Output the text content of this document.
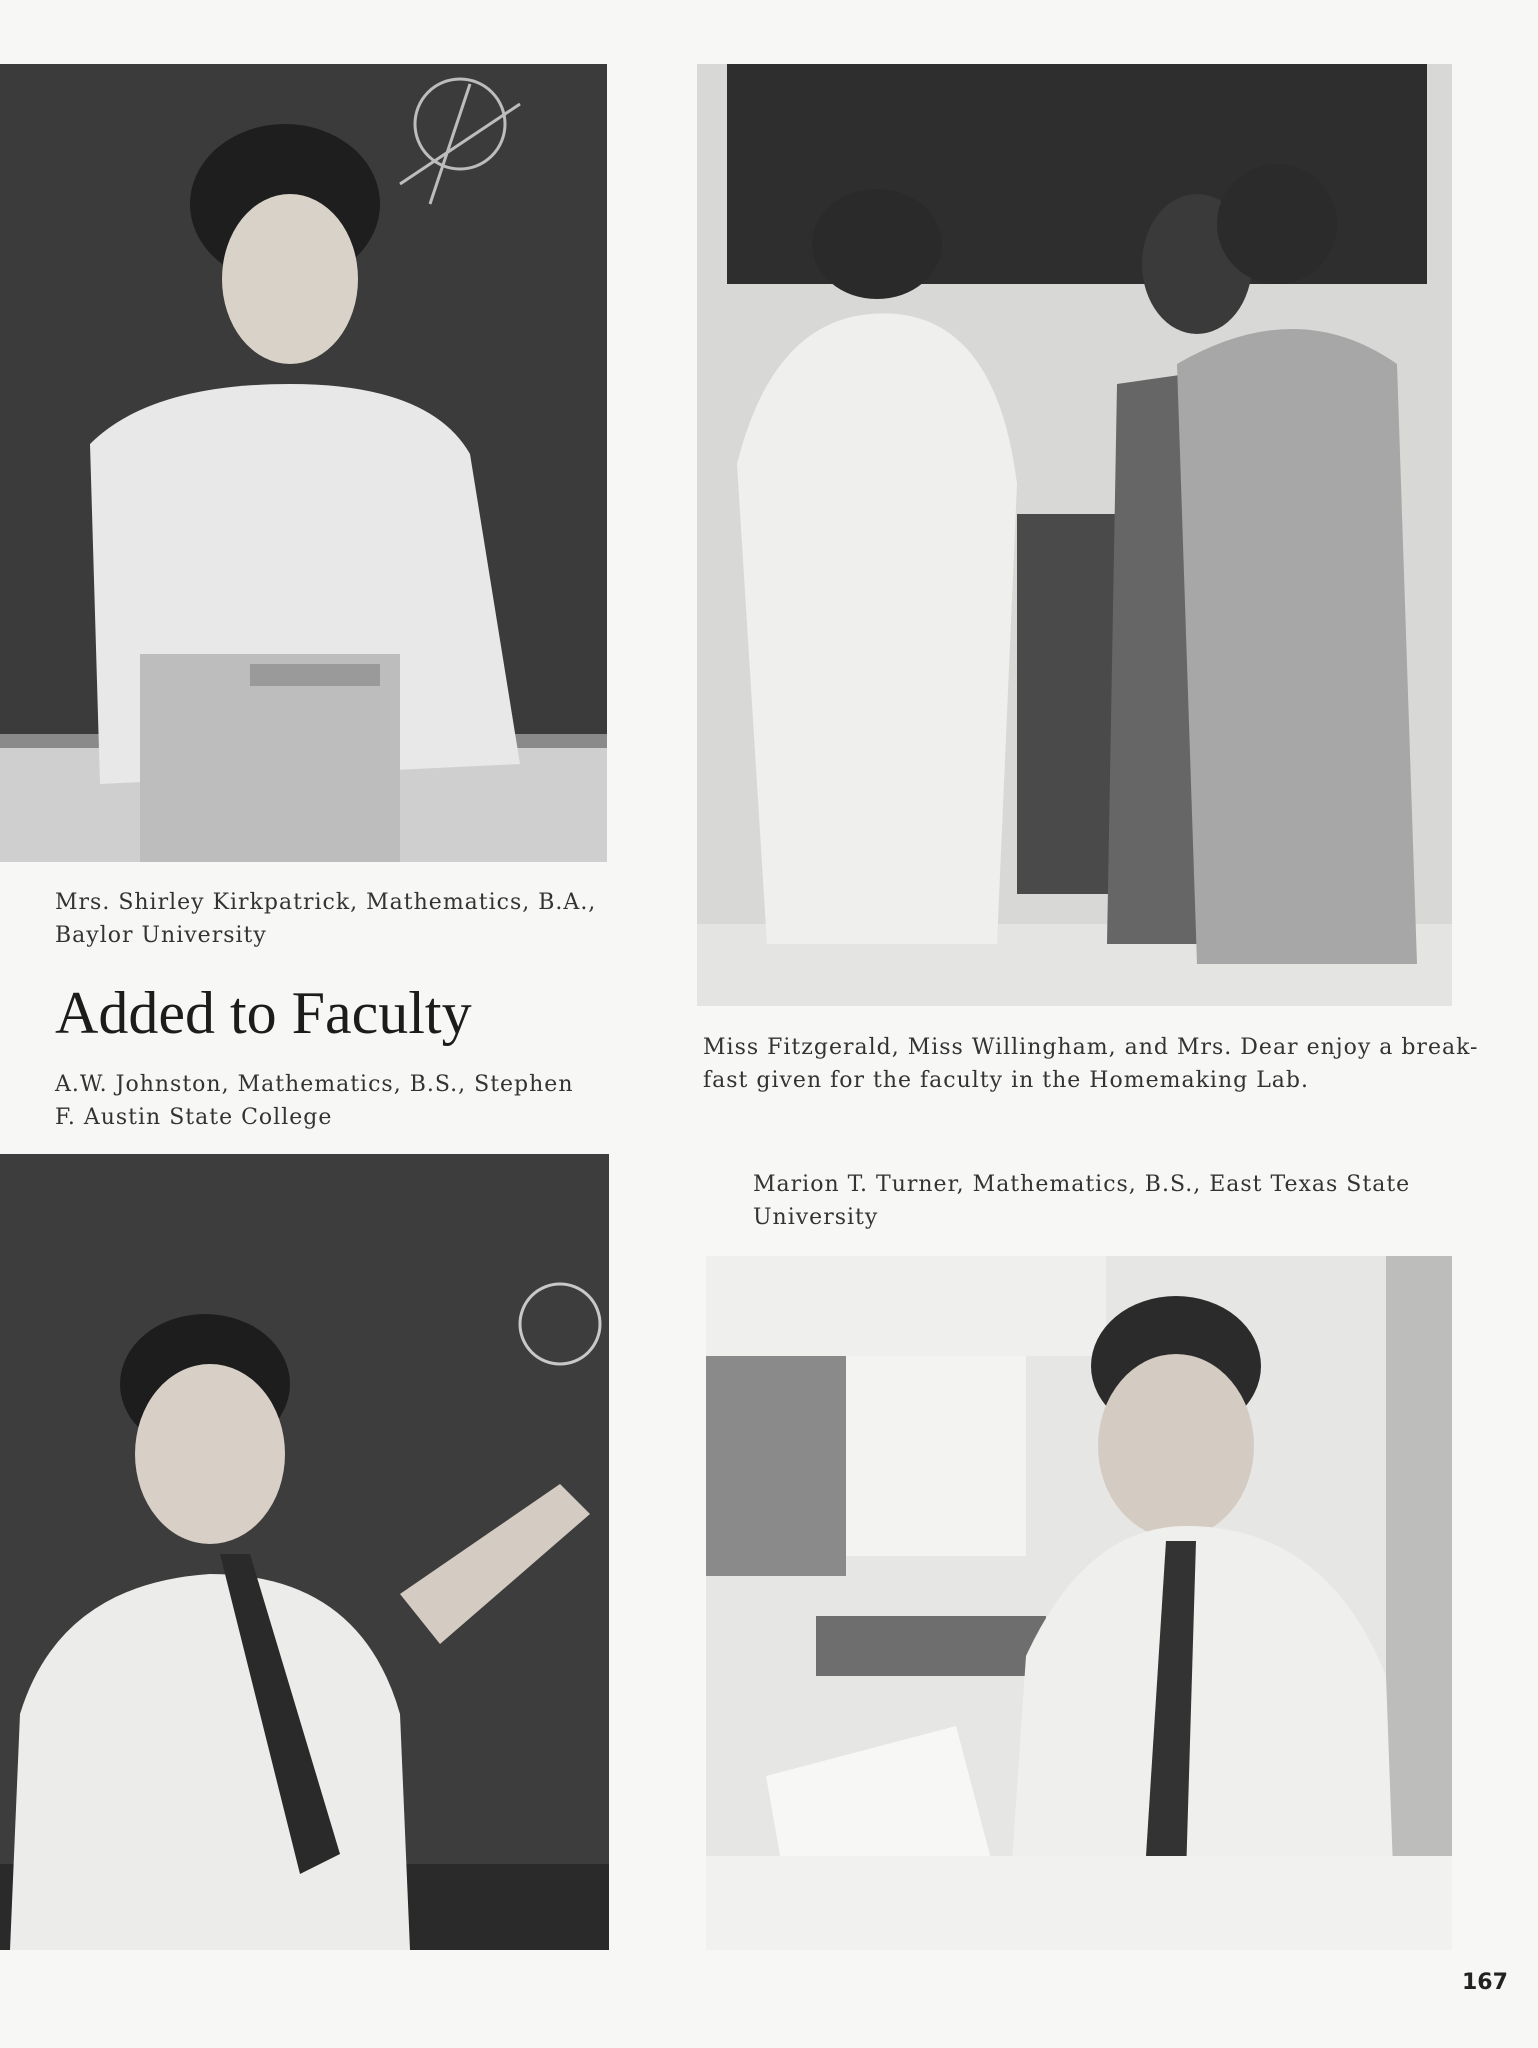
Mrs. Shirley Kirkpatrick, Mathematics, B.A.,
Baylor University

Added to Faculty

A.W. Johnston, Mathematics, B.S., Stephen
F. Austin State College

Miss Fitzgerald, Miss Willingham, and Mrs. Dear enjoy a break-
fast given for the faculty in the Homemaking Lab.

Marion T. Turner, Mathematics, B.S., East Texas State
University

167
